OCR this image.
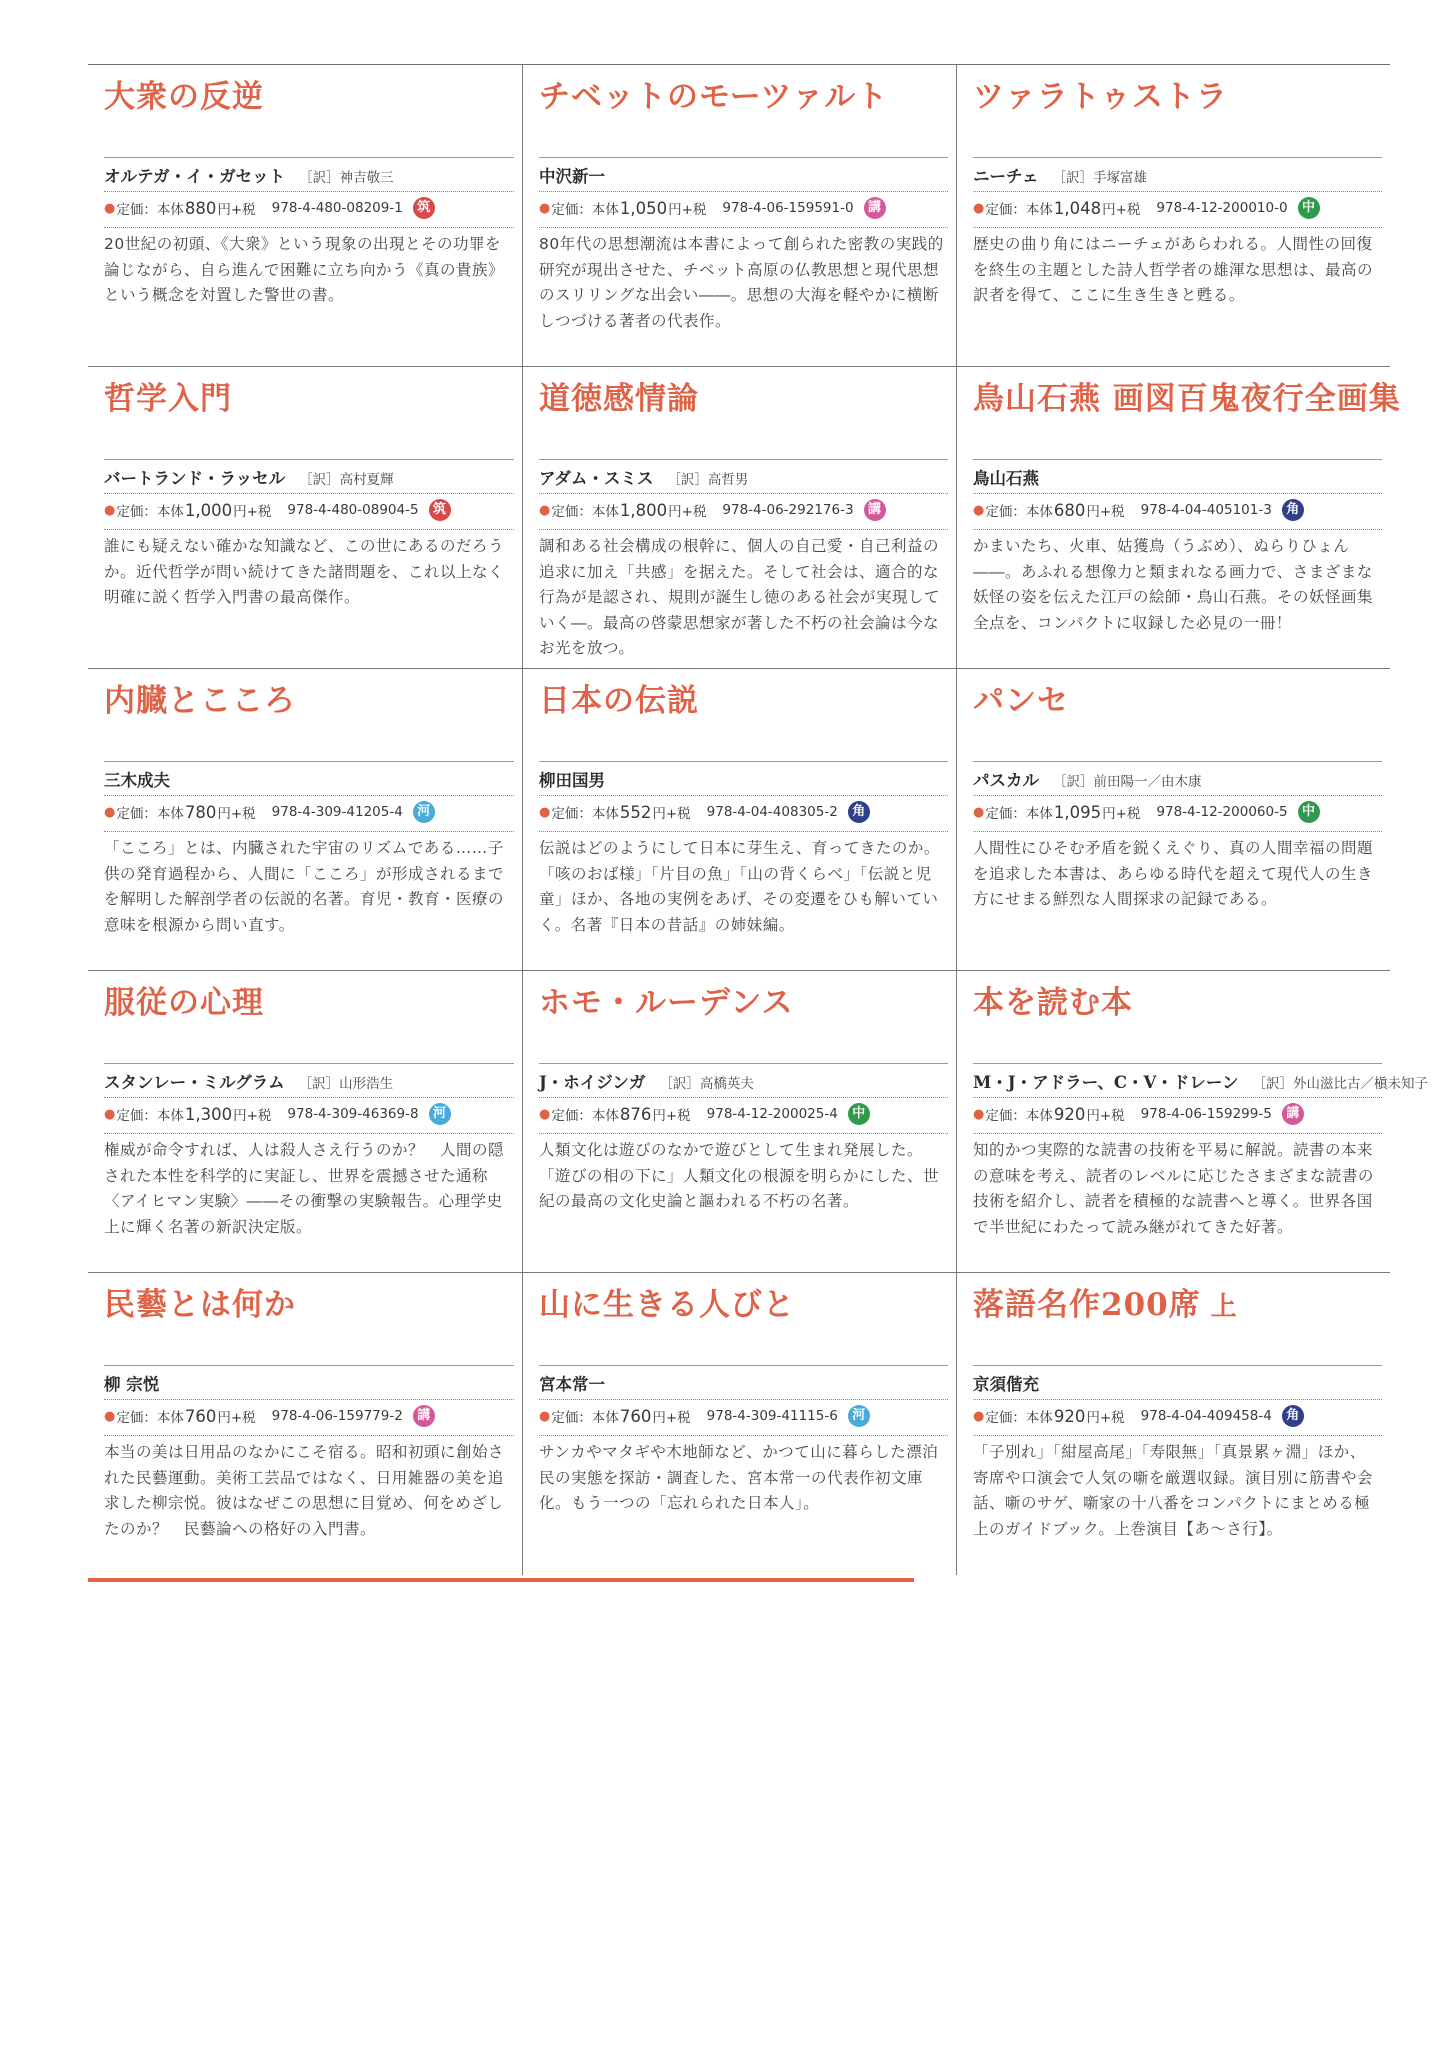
大衆の反逆
オルテガ・イ・ガセット ［訳］神吉敬三
● 定価：本体 880 円+税 978-4-480-08209-1	筑
20世紀の初頭、《大衆》という現象の出現とその功罪を論じながら、自ら進んで困難に立ち向かう《真の貴族》という概念を対置した警世の書。
チベットのモーツァルト
中沢新一
● 定価：本体 1,050 円+税 978-4-06-159591-0	講
80年代の思想潮流は本書によって創られた密教の実践的研究が現出させた、チベット高原の仏教思想と現代思想のスリリングな出会い――。思想の大海を軽やかに横断しつづける著者の代表作。
ツァラトゥストラ
ニーチェ ［訳］手塚富雄
● 定価：本体 1,048 円+税 978-4-12-200010-0	中
歴史の曲り角にはニーチェがあらわれる。人間性の回復を終生の主題とした詩人哲学者の雄渾な思想は、最高の訳者を得て、ここに生き生きと甦る。
哲学入門
バートランド・ラッセル ［訳］高村夏輝
● 定価：本体 1,000 円+税 978-4-480-08904-5	筑
誰にも疑えない確かな知識など、この世にあるのだろうか。近代哲学が問い続けてきた諸問題を、これ以上なく明確に説く哲学入門書の最高傑作。
道徳感情論
アダム・スミス ［訳］高哲男
● 定価：本体 1,800 円+税 978-4-06-292176-3	講
調和ある社会構成の根幹に、個人の自己愛・自己利益の追求に加え「共感」を据えた。そして社会は、適合的な行為が是認され、規則が誕生し徳のある社会が実現していく―。最高の啓蒙思想家が著した不朽の社会論は今なお光を放つ。
鳥山石燕 画図百鬼夜行全画集
鳥山石燕
● 定価：本体 680 円+税 978-4-04-405101-3	角
かまいたち、火車、姑獲鳥（うぶめ）、ぬらりひょん――。あふれる想像力と類まれなる画力で、さまざまな妖怪の姿を伝えた江戸の絵師・鳥山石燕。その妖怪画集全点を、コンパクトに収録した必見の一冊！
内臓とこころ
三木成夫
● 定価：本体 780 円+税 978-4-309-41205-4	河
「こころ」とは、内臓された宇宙のリズムである……子供の発育過程から、人間に「こころ」が形成されるまでを解明した解剖学者の伝説的名著。育児・教育・医療の意味を根源から問い直す。
日本の伝説
柳田国男
● 定価：本体 552 円+税 978-4-04-408305-2	角
伝説はどのようにして日本に芽生え、育ってきたのか。「咳のおば様」「片目の魚」「山の背くらべ」「伝説と児童」ほか、各地の実例をあげ、その変遷をひも解いていく。名著『日本の昔話』の姉妹編。
パンセ
パスカル ［訳］前田陽一／由木康
● 定価：本体 1,095 円+税 978-4-12-200060-5	中
人間性にひそむ矛盾を鋭くえぐり、真の人間幸福の問題を追求した本書は、あらゆる時代を超えて現代人の生き方にせまる鮮烈な人間探求の記録である。
服従の心理
スタンレー・ミルグラム ［訳］山形浩生
● 定価：本体 1,300 円+税 978-4-309-46369-8	河
権威が命令すれば、人は殺人さえ行うのか？　人間の隠された本性を科学的に実証し、世界を震撼させた通称〈アイヒマン実験〉――その衝撃の実験報告。心理学史上に輝く名著の新訳決定版。
ホモ・ルーデンス
J・ホイジンガ ［訳］高橋英夫
● 定価：本体 876 円+税 978-4-12-200025-4	中
人類文化は遊びのなかで遊びとして生まれ発展した。「遊びの相の下に」人類文化の根源を明らかにした、世紀の最高の文化史論と謳われる不朽の名著。
本を読む本
M・J・アドラー、C・V・ドレーン ［訳］外山滋比古／槇未知子
● 定価：本体 920 円+税 978-4-06-159299-5	講
知的かつ実際的な読書の技術を平易に解説。読書の本来の意味を考え、読者のレベルに応じたさまざまな読書の技術を紹介し、読者を積極的な読書へと導く。世界各国で半世紀にわたって読み継がれてきた好著。
民藝とは何か
柳 宗悦
● 定価：本体 760 円+税 978-4-06-159779-2	講
本当の美は日用品のなかにこそ宿る。昭和初頭に創始された民藝運動。美術工芸品ではなく、日用雑器の美を追求した柳宗悦。彼はなぜこの思想に目覚め、何をめざしたのか？　民藝論への格好の入門書。
山に生きる人びと
宮本常一
● 定価：本体 760 円+税 978-4-309-41115-6	河
サンカやマタギや木地師など、かつて山に暮らした漂泊民の実態を探訪・調査した、宮本常一の代表作初文庫化。もう一つの「忘れられた日本人」。
落語名作200席 上
京須偕充
● 定価：本体 920 円+税 978-4-04-409458-4	角
「子別れ」「紺屋高尾」「寿限無」「真景累ヶ淵」ほか、寄席や口演会で人気の噺を厳選収録。演目別に筋書や会話、噺のサゲ、噺家の十八番をコンパクトにまとめる極上のガイドブック。上巻演目【あ～さ行】。
